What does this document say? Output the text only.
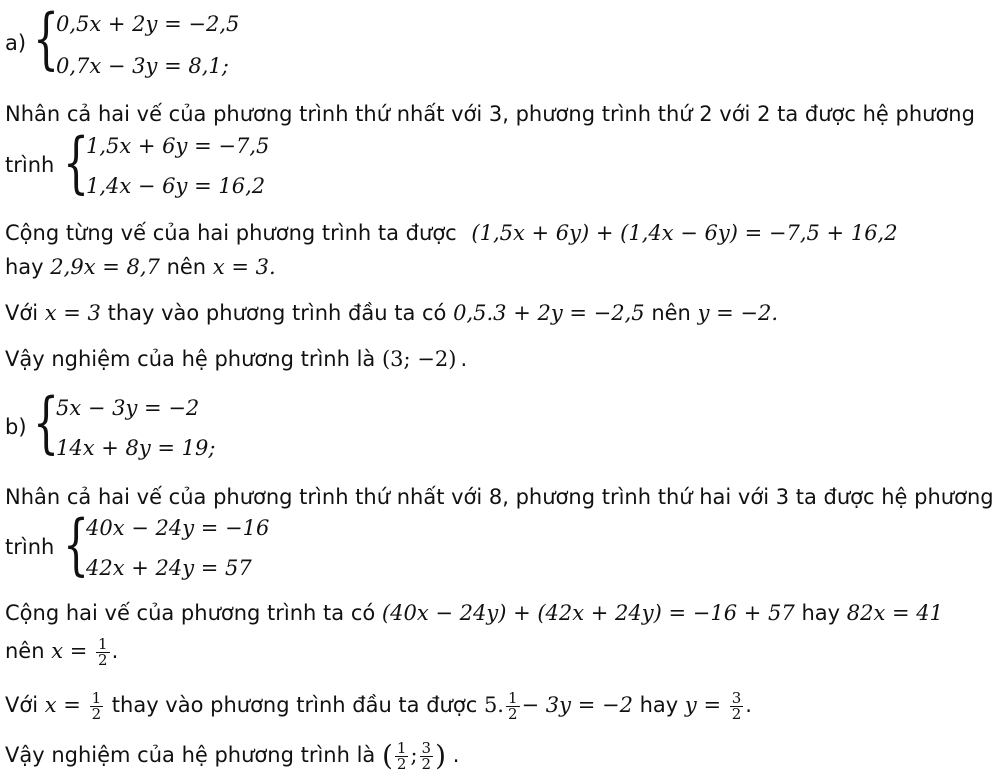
a) {
0,5x + 2y = −2,5
0,7x − 3y = 8,1;
Nhân cả hai vế của phương trình thứ nhất với 3, phương trình thứ 2 với 2 ta được hệ phương
trình {
1,5x + 6y = −7,5
1,4x − 6y = 16,2
Cộng từng vế của hai phương trình ta được (1,5x + 6y) + (1,4x − 6y) = −7,5 + 16,2
hay 2,9x = 8,7 nên x = 3.
Với x = 3 thay vào phương trình đầu ta có 0,5.3 + 2y = −2,5 nên y = −2.
Vậy nghiệm của hệ phương trình là (3; −2) .
b) {
5x − 3y = −2
14x + 8y = 19;
Nhân cả hai vế của phương trình thứ nhất với 8, phương trình thứ hai với 3 ta được hệ phương
trình {
40x − 24y = −16
42x + 24y = 57
Cộng hai vế của phương trình ta có (40x − 24y) + (42x + 24y) = −16 + 57 hay 82x = 41
nên $x = \frac{1}{2}$ .
Với $x = \frac{1}{2}$ thay vào phương trình đầu ta được 5. $\frac{1}{2} - 3y = -2$ hay $y = \frac{3}{2}$ .
Vậy nghiệm của hệ phương trình là ( $\frac{1}{2}$ ; $\frac{3}{2}$ ) .
